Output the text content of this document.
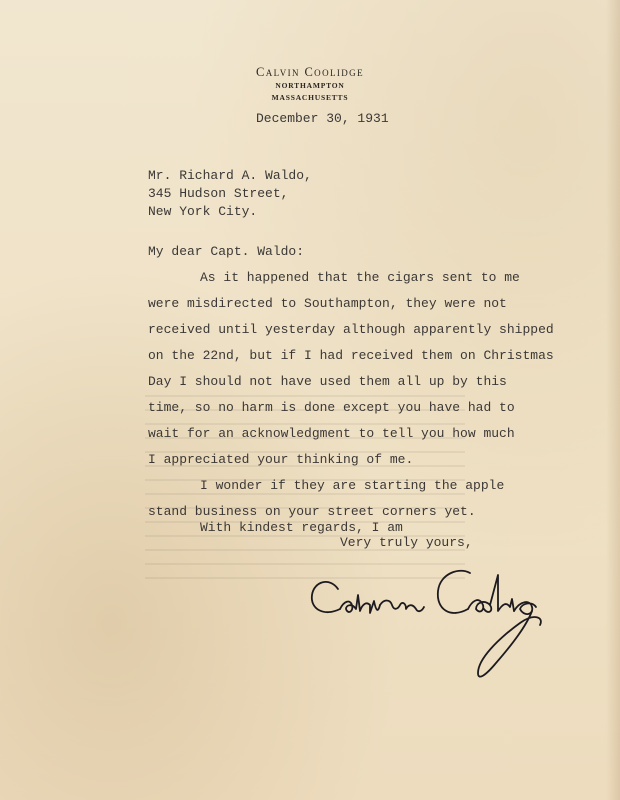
Calvin Coolidge
NORTHAMPTON
MASSACHUSETTS
December 30, 1931
Mr. Richard A. Waldo,
345 Hudson Street,
New York City.
My dear Capt. Waldo:
As it happened that the cigars sent to me
were misdirected to Southampton, they were not
received until yesterday although apparently shipped
on the 22nd, but if I had received them on Christmas
Day I should not have used them all up by this
time, so no harm is done except you have had to
wait for an acknowledgment to tell you how much
I appreciated your thinking of me.
I wonder if they are starting the apple
stand business on your street corners yet.
With kindest regards, I am
Very truly yours,
